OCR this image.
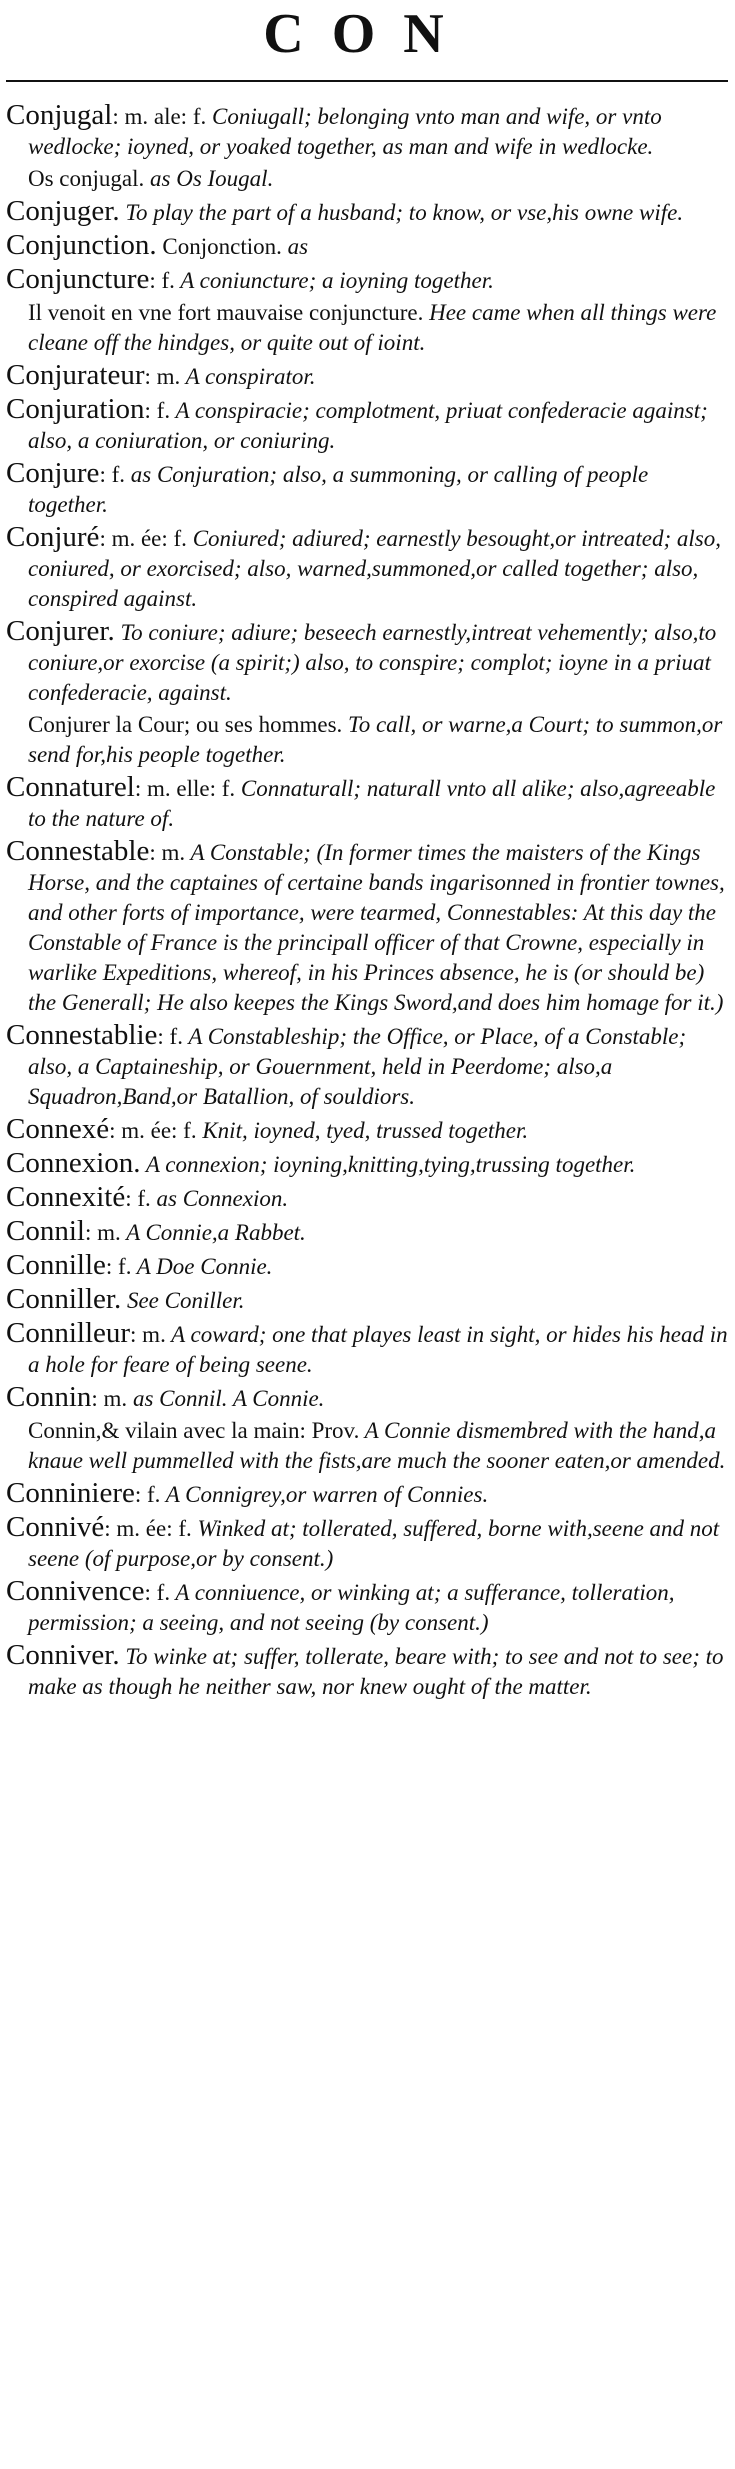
CON

Conjugal: m. ale: f. Coniugall; belonging vnto man and wife, or vnto wedlocke; ioyned, or yoaked together, as man and wife in wedlocke.

Os conjugal. as Os Iougal.

Conjuger. To play the part of a husband; to know, or vse,his owne wife.

Conjunction. Conjonction. as

Conjuncture: f. A coniuncture; a ioyning together.

Il venoit en vne fort mauvaise conjuncture. Hee came when all things were cleane off the hindges, or quite out of ioint.

Conjurateur: m. A conspirator.

Conjuration: f. A conspiracie; complotment, priuat confederacie against; also, a coniuration, or coniuring.

Conjure: f. as Conjuration; also, a summoning, or calling of people together.

Conjuré: m. ée: f. Coniured; adiured; earnestly besought,or intreated; also, coniured, or exorcised; also, warned,summoned,or called together; also, conspired against.

Conjurer. To coniure; adiure; beseech earnestly,intreat vehemently; also,to coniure,or exorcise (a spirit;) also, to conspire; complot; ioyne in a priuat confederacie, against.

Conjurer la Cour; ou ses hommes. To call, or warne,a Court; to summon,or send for,his people together.

Connaturel: m. elle: f. Connaturall; naturall vnto all alike; also,agreeable to the nature of.

Connestable: m. A Constable; (In former times the maisters of the Kings Horse, and the captaines of certaine bands ingarisonned in frontier townes, and other forts of importance, were tearmed, Connestables: At this day the Constable of France is the principall officer of that Crowne, especially in warlike Expeditions, whereof, in his Princes absence, he is (or should be) the Generall; He also keepes the Kings Sword,and does him homage for it.)

Connestablie: f. A Constableship; the Office, or Place, of a Constable; also, a Captaineship, or Gouernment, held in Peerdome; also,a Squadron,Band,or Batallion, of souldiors.

Connexé: m. ée: f. Knit, ioyned, tyed, trussed together.

Connexion. A connexion; ioyning,knitting,tying,trussing together.

Connexité: f. as Connexion.

Connil: m. A Connie,a Rabbet.

Connille: f. A Doe Connie.

Conniller. See Coniller.

Connilleur: m. A coward; one that playes least in sight, or hides his head in a hole for feare of being seene.

Connin: m. as Connil. A Connie.

Connin,& vilain avec la main: Prov. A Connie dismembred with the hand,a knaue well pummelled with the fists,are much the sooner eaten,or amended.

Conniniere: f. A Connigrey,or warren of Connies.

Connivé: m. ée: f. Winked at; tollerated, suffered, borne with,seene and not seene (of purpose,or by consent.)

Connivence: f. A conniuence, or winking at; a sufferance, tolleration, permission; a seeing, and not seeing (by consent.)

Conniver. To winke at; suffer, tollerate, beare with; to see and not to see; to make as though he neither saw, nor knew ought of the matter.
